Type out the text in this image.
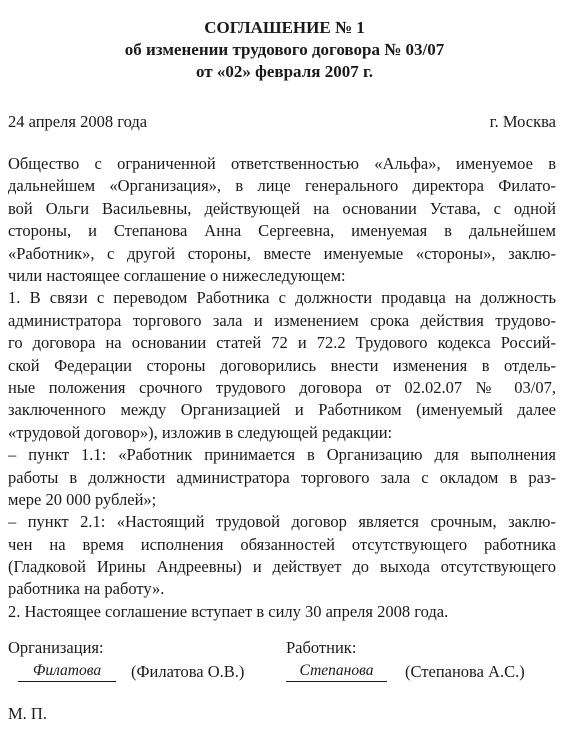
СОГЛАШЕНИЕ № 1
об изменении трудового договора № 03/07
от «02» февраля 2007 г.
24 апреля 2008 года	г. Москва
Общество с ограниченной ответственностью «Альфа», именуемое в
дальнейшем «Организация», в лице генерального директора Филато-
вой Ольги Васильевны, действующей на основании Устава, с одной
стороны, и Степанова Анна Сергеевна, именуемая в дальнейшем
«Работник», с другой стороны, вместе именуемые «стороны», заклю-
чили настоящее соглашение о нижеследующем:
1. В связи с переводом Работника с должности продавца на должность
администратора торгового зала и изменением срока действия трудово-
го договора на основании статей 72 и 72.2 Трудового кодекса Россий-
ской Федерации стороны договорились внести изменения в отдель-
ные положения срочного трудового договора от 02.02.07 № 03/07,
заключенного между Организацией и Работником (именуемый далее
«трудовой договор»), изложив в следующей редакции:
– пункт 1.1: «Работник принимается в Организацию для выполнения
работы в должности администратора торгового зала с окладом в раз-
мере 20 000 рублей»;
– пункт 2.1: «Настоящий трудовой договор является срочным, заклю-
чен на время исполнения обязанностей отсутствующего работника
(Гладковой Ирины Андреевны) и действует до выхода отсутствующего
работника на работу».
2. Настоящее соглашение вступает в силу 30 апреля 2008 года.
Организация:	Работник:
Филатова	(Филатова О.В.)	Степанова	(Степанова А.С.)
М. П.
